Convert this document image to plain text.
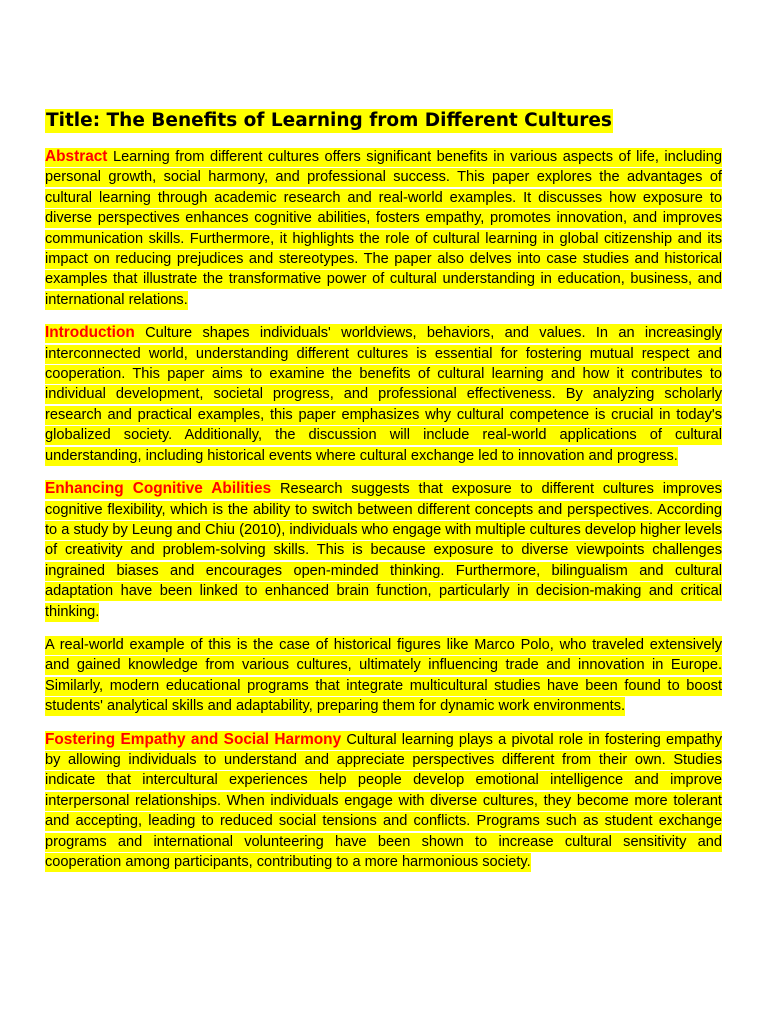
Title: The Benefits of Learning from Different Cultures

Abstract Learning from different cultures offers significant benefits in various aspects of life, including personal growth, social harmony, and professional success. This paper explores the advantages of cultural learning through academic research and real-world examples. It discusses how exposure to diverse perspectives enhances cognitive abilities, fosters empathy, promotes innovation, and improves communication skills. Furthermore, it highlights the role of cultural learning in global citizenship and its impact on reducing prejudices and stereotypes. The paper also delves into case studies and historical examples that illustrate the transformative power of cultural understanding in education, business, and international relations.

Introduction Culture shapes individuals' worldviews, behaviors, and values. In an increasingly interconnected world, understanding different cultures is essential for fostering mutual respect and cooperation. This paper aims to examine the benefits of cultural learning and how it contributes to individual development, societal progress, and professional effectiveness. By analyzing scholarly research and practical examples, this paper emphasizes why cultural competence is crucial in today's globalized society. Additionally, the discussion will include real-world applications of cultural understanding, including historical events where cultural exchange led to innovation and progress.

Enhancing Cognitive Abilities Research suggests that exposure to different cultures improves cognitive flexibility, which is the ability to switch between different concepts and perspectives. According to a study by Leung and Chiu (2010), individuals who engage with multiple cultures develop higher levels of creativity and problem-solving skills. This is because exposure to diverse viewpoints challenges ingrained biases and encourages open-minded thinking. Furthermore, bilingualism and cultural adaptation have been linked to enhanced brain function, particularly in decision-making and critical thinking.

A real-world example of this is the case of historical figures like Marco Polo, who traveled extensively and gained knowledge from various cultures, ultimately influencing trade and innovation in Europe. Similarly, modern educational programs that integrate multicultural studies have been found to boost students' analytical skills and adaptability, preparing them for dynamic work environments.

Fostering Empathy and Social Harmony Cultural learning plays a pivotal role in fostering empathy by allowing individuals to understand and appreciate perspectives different from their own. Studies indicate that intercultural experiences help people develop emotional intelligence and improve interpersonal relationships. When individuals engage with diverse cultures, they become more tolerant and accepting, leading to reduced social tensions and conflicts. Programs such as student exchange programs and international volunteering have been shown to increase cultural sensitivity and cooperation among participants, contributing to a more harmonious society.
